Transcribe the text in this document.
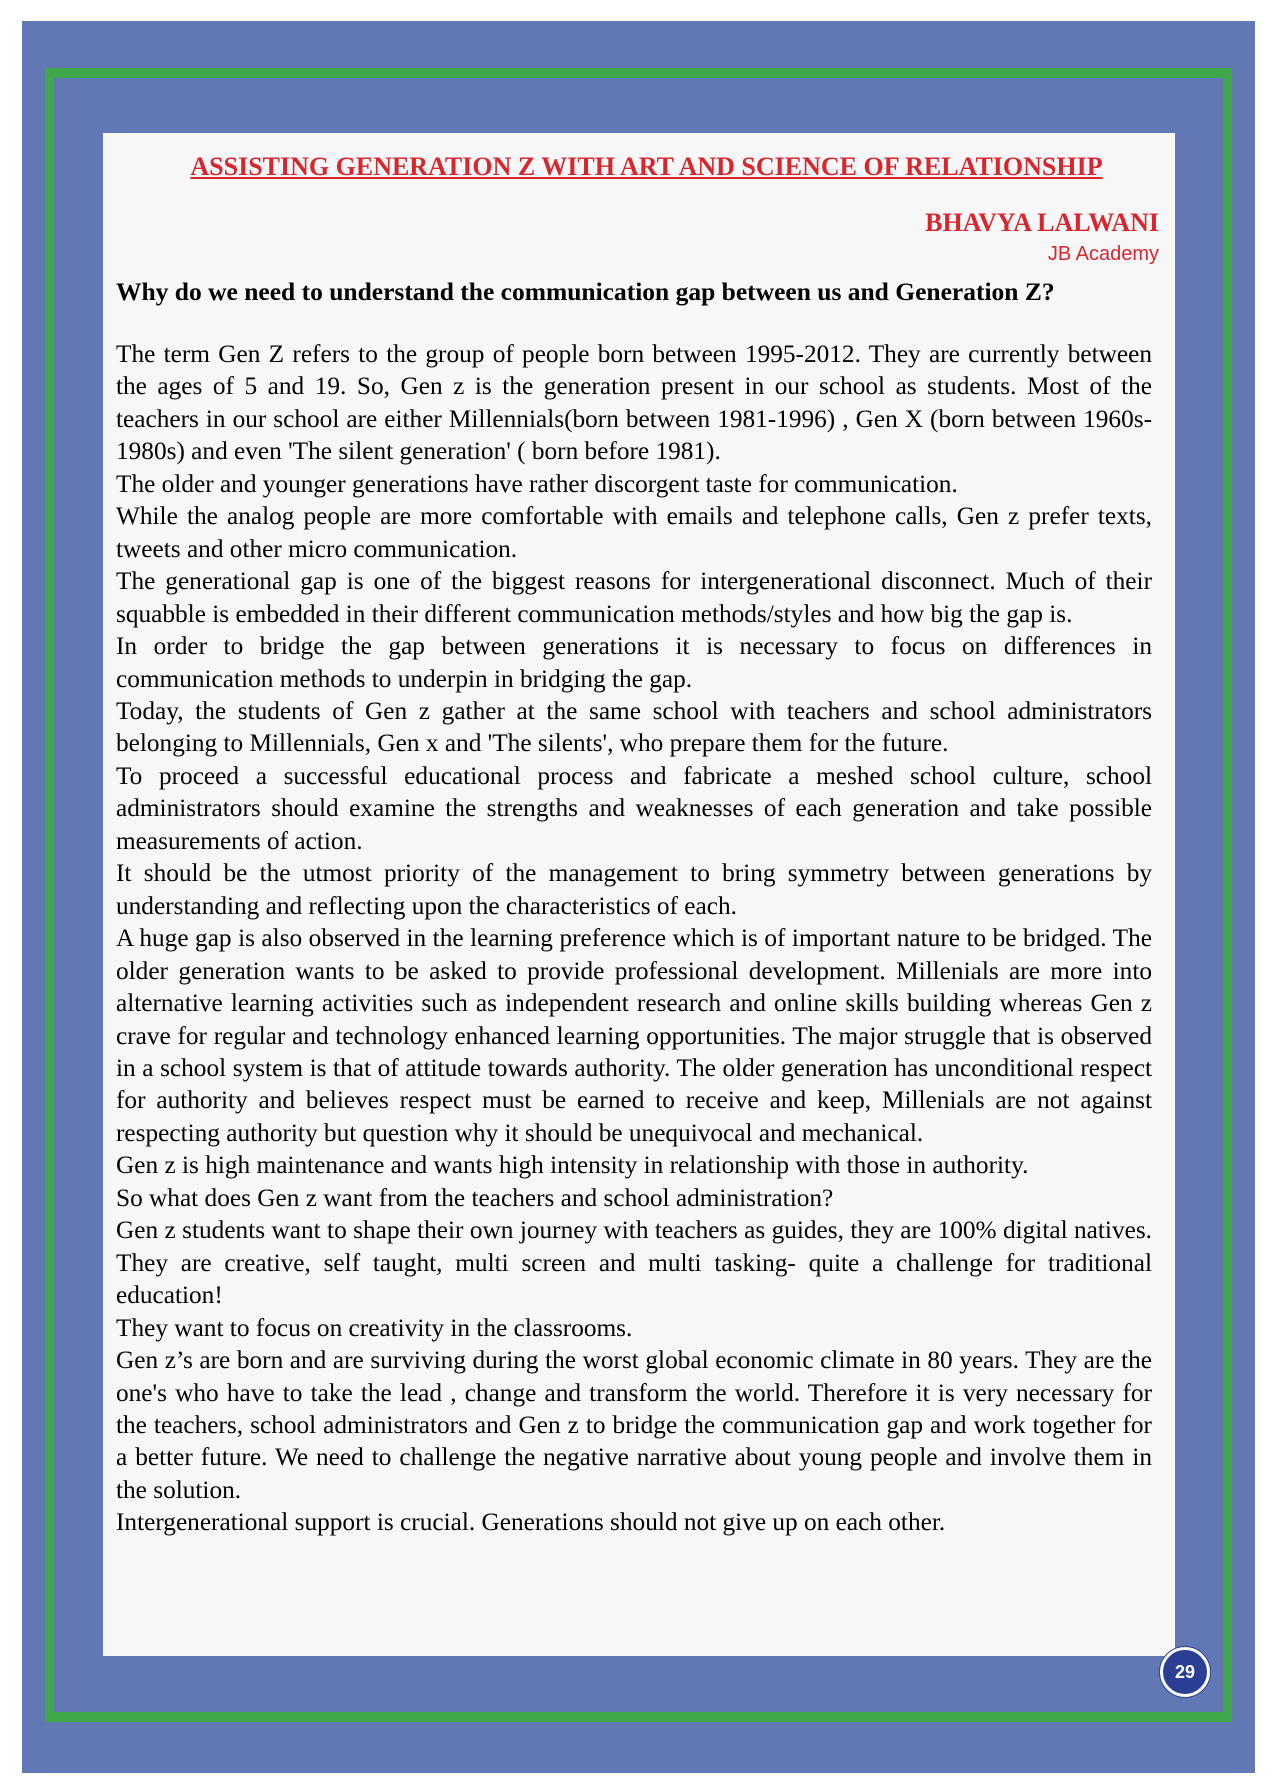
ASSISTING GENERATION Z WITH ART AND SCIENCE OF RELATIONSHIP
BHAVYA LALWANI
JB Academy
Why do we need to understand the communication gap between us and Generation Z?

The term Gen Z refers to the group of people born between 1995-2012. They are currently between the ages of 5 and 19. So, Gen z is the generation present in our school as students. Most of the teachers in our school are either Millennials(born between 1981-1996) , Gen X (born between 1960s-1980s) and even 'The silent generation' ( born before 1981).

The older and younger generations have rather discorgent taste for communication.

While the analog people are more comfortable with emails and telephone calls, Gen z prefer texts, tweets and other micro communication.

The generational gap is one of the biggest reasons for intergenerational disconnect. Much of their squabble is embedded in their different communication methods/styles and how big the gap is.

In order to bridge the gap between generations it is necessary to focus on differences in communication methods to underpin in bridging the gap.

Today, the students of Gen z gather at the same school with teachers and school administrators belonging to Millennials, Gen x and 'The silents', who prepare them for the future.

To proceed a successful educational process and fabricate a meshed school culture, school administrators should examine the strengths and weaknesses of each generation and take possible measurements of action.

It should be the utmost priority of the management to bring symmetry between generations by understanding and reflecting upon the characteristics of each.

A huge gap is also observed in the learning preference which is of important nature to be bridged. The older generation wants to be asked to provide professional development. Millenials are more into alternative learning activities such as independent research and online skills building whereas Gen z crave for regular and technology enhanced learning opportunities. The major struggle that is observed in a school system is that of attitude towards authority. The older generation has unconditional respect for authority and believes respect must be earned to receive and keep, Millenials are not against respecting authority but question why it should be unequivocal and mechanical.

Gen z is high maintenance and wants high intensity in relationship with those in authority.

So what does Gen z want from the teachers and school administration?

Gen z students want to shape their own journey with teachers as guides, they are 100% digital natives. They are creative, self taught, multi screen and multi tasking- quite a challenge for traditional education!

They want to focus on creativity in the classrooms.

Gen z’s are born and are surviving during the worst global economic climate in 80 years. They are the one's who have to take the lead , change and transform the world. Therefore it is very necessary for the teachers, school administrators and Gen z to bridge the communication gap and work together for a better future. We need to challenge the negative narrative about young people and involve them in the solution.

Intergenerational support is crucial. Generations should not give up on each other.

29
